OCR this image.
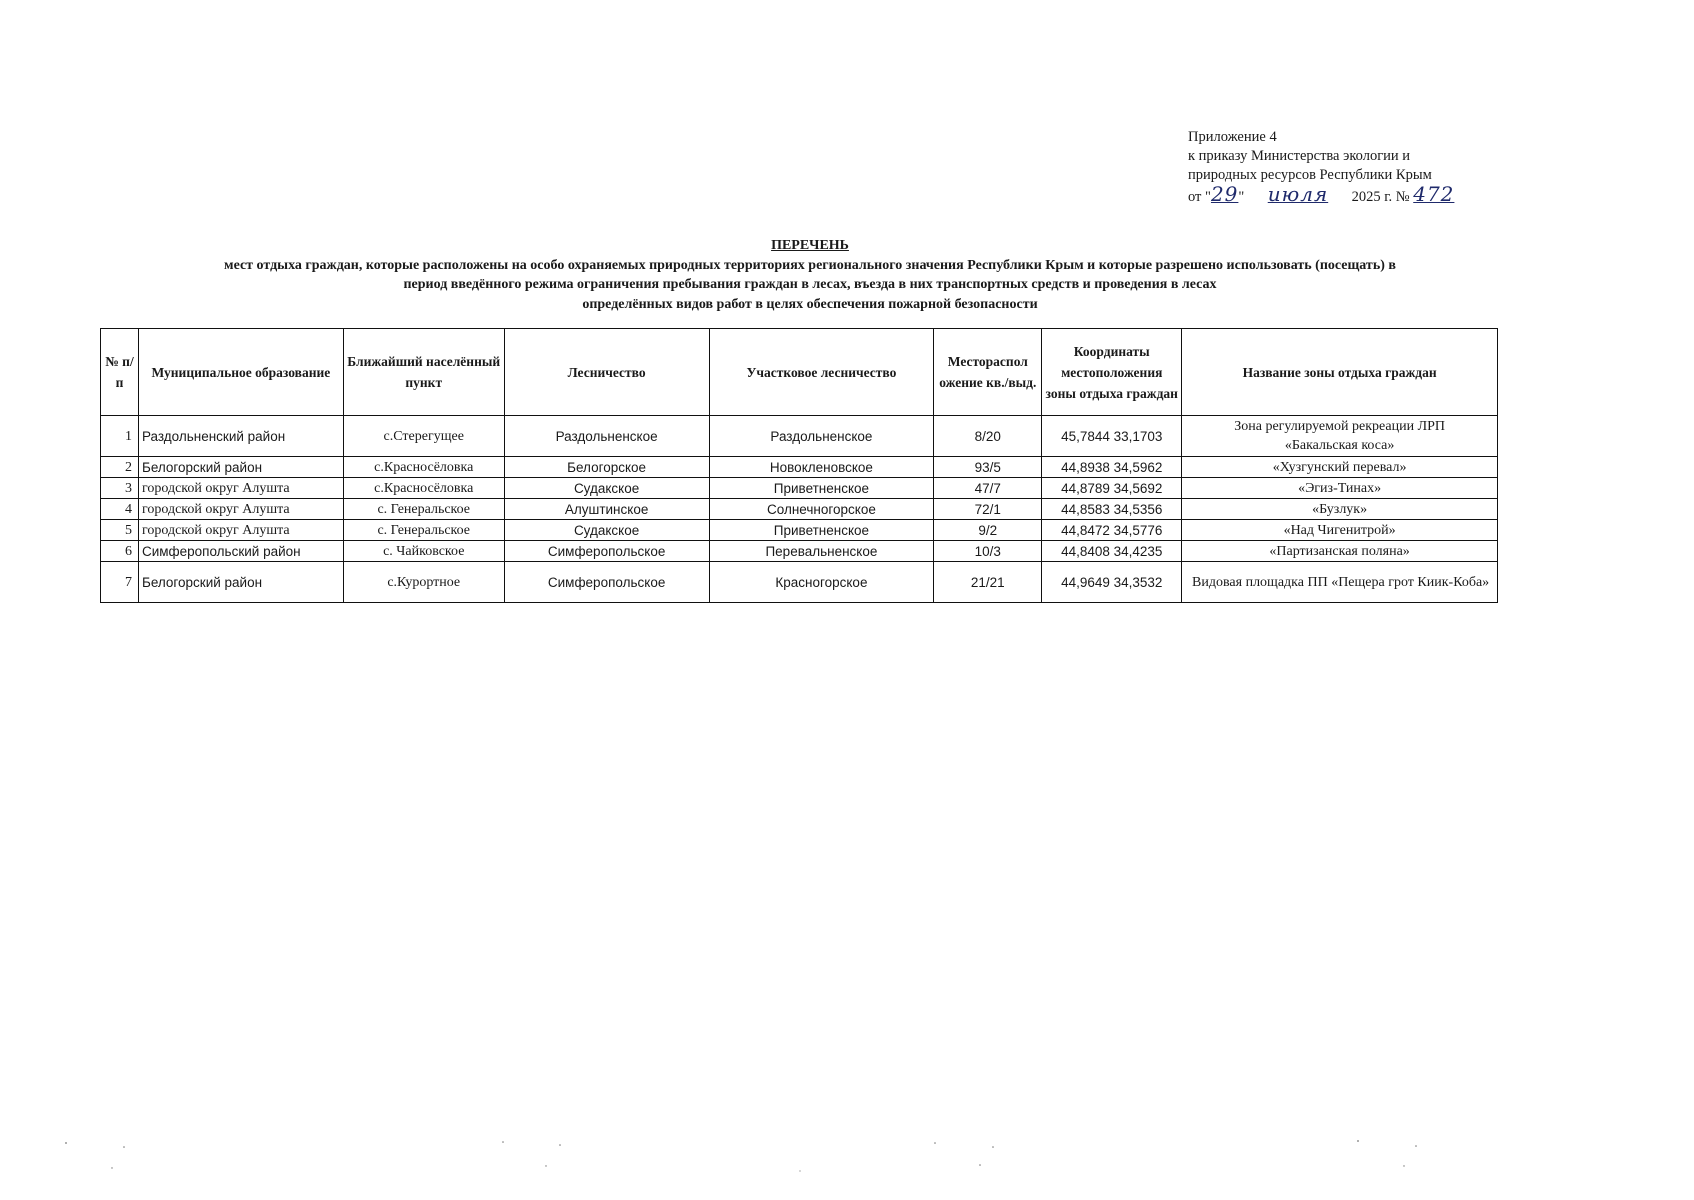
Приложение 4
к приказу Министерства экологии и
природных ресурсов Республики Крым
от "29" июля 2025 г. № 472
ПЕРЕЧЕНЬ
мест отдыха граждан, которые расположены на особо охраняемых природных территориях регионального значения Республики Крым и которые разрешено использовать (посещать) в
период введённого режима ограничения пребывания граждан в лесах, въезда в них транспортных средств и проведения в лесах
определённых видов работ в целях обеспечения пожарной безопасности
№ п/п	Муниципальное образование	Ближайший населённый пункт	Лесничество	Участковое лесничество	Местораспол ожение кв./выд.	Координаты местоположения зоны отдыха граждан	Название зоны отдыха граждан
1	Раздольненский район	с.Стерегущее	Раздольненское	Раздольненское	8/20	45,7844 33,1703	Зона регулируемой рекреации ЛРП «Бакальская коса»
2	Белогорский район	с.Красносёловка	Белогорское	Новокленовское	93/5	44,8938 34,5962	«Хузгунский перевал»
3	городской округ Алушта	с.Красносёловка	Судакское	Приветненское	47/7	44,8789 34,5692	«Эгиз-Тинах»
4	городской округ Алушта	с. Генеральское	Алуштинское	Солнечногорское	72/1	44,8583 34,5356	«Бузлук»
5	городской округ Алушта	с. Генеральское	Судакское	Приветненское	9/2	44,8472 34,5776	«Над Чигенитрой»
6	Симферопольский район	с. Чайковское	Симферопольское	Перевальненское	10/3	44,8408 34,4235	«Партизанская поляна»
7	Белогорский район	с.Курортное	Симферопольское	Красногорское	21/21	44,9649 34,3532	Видовая площадка ПП «Пещера грот Киик-Коба»
